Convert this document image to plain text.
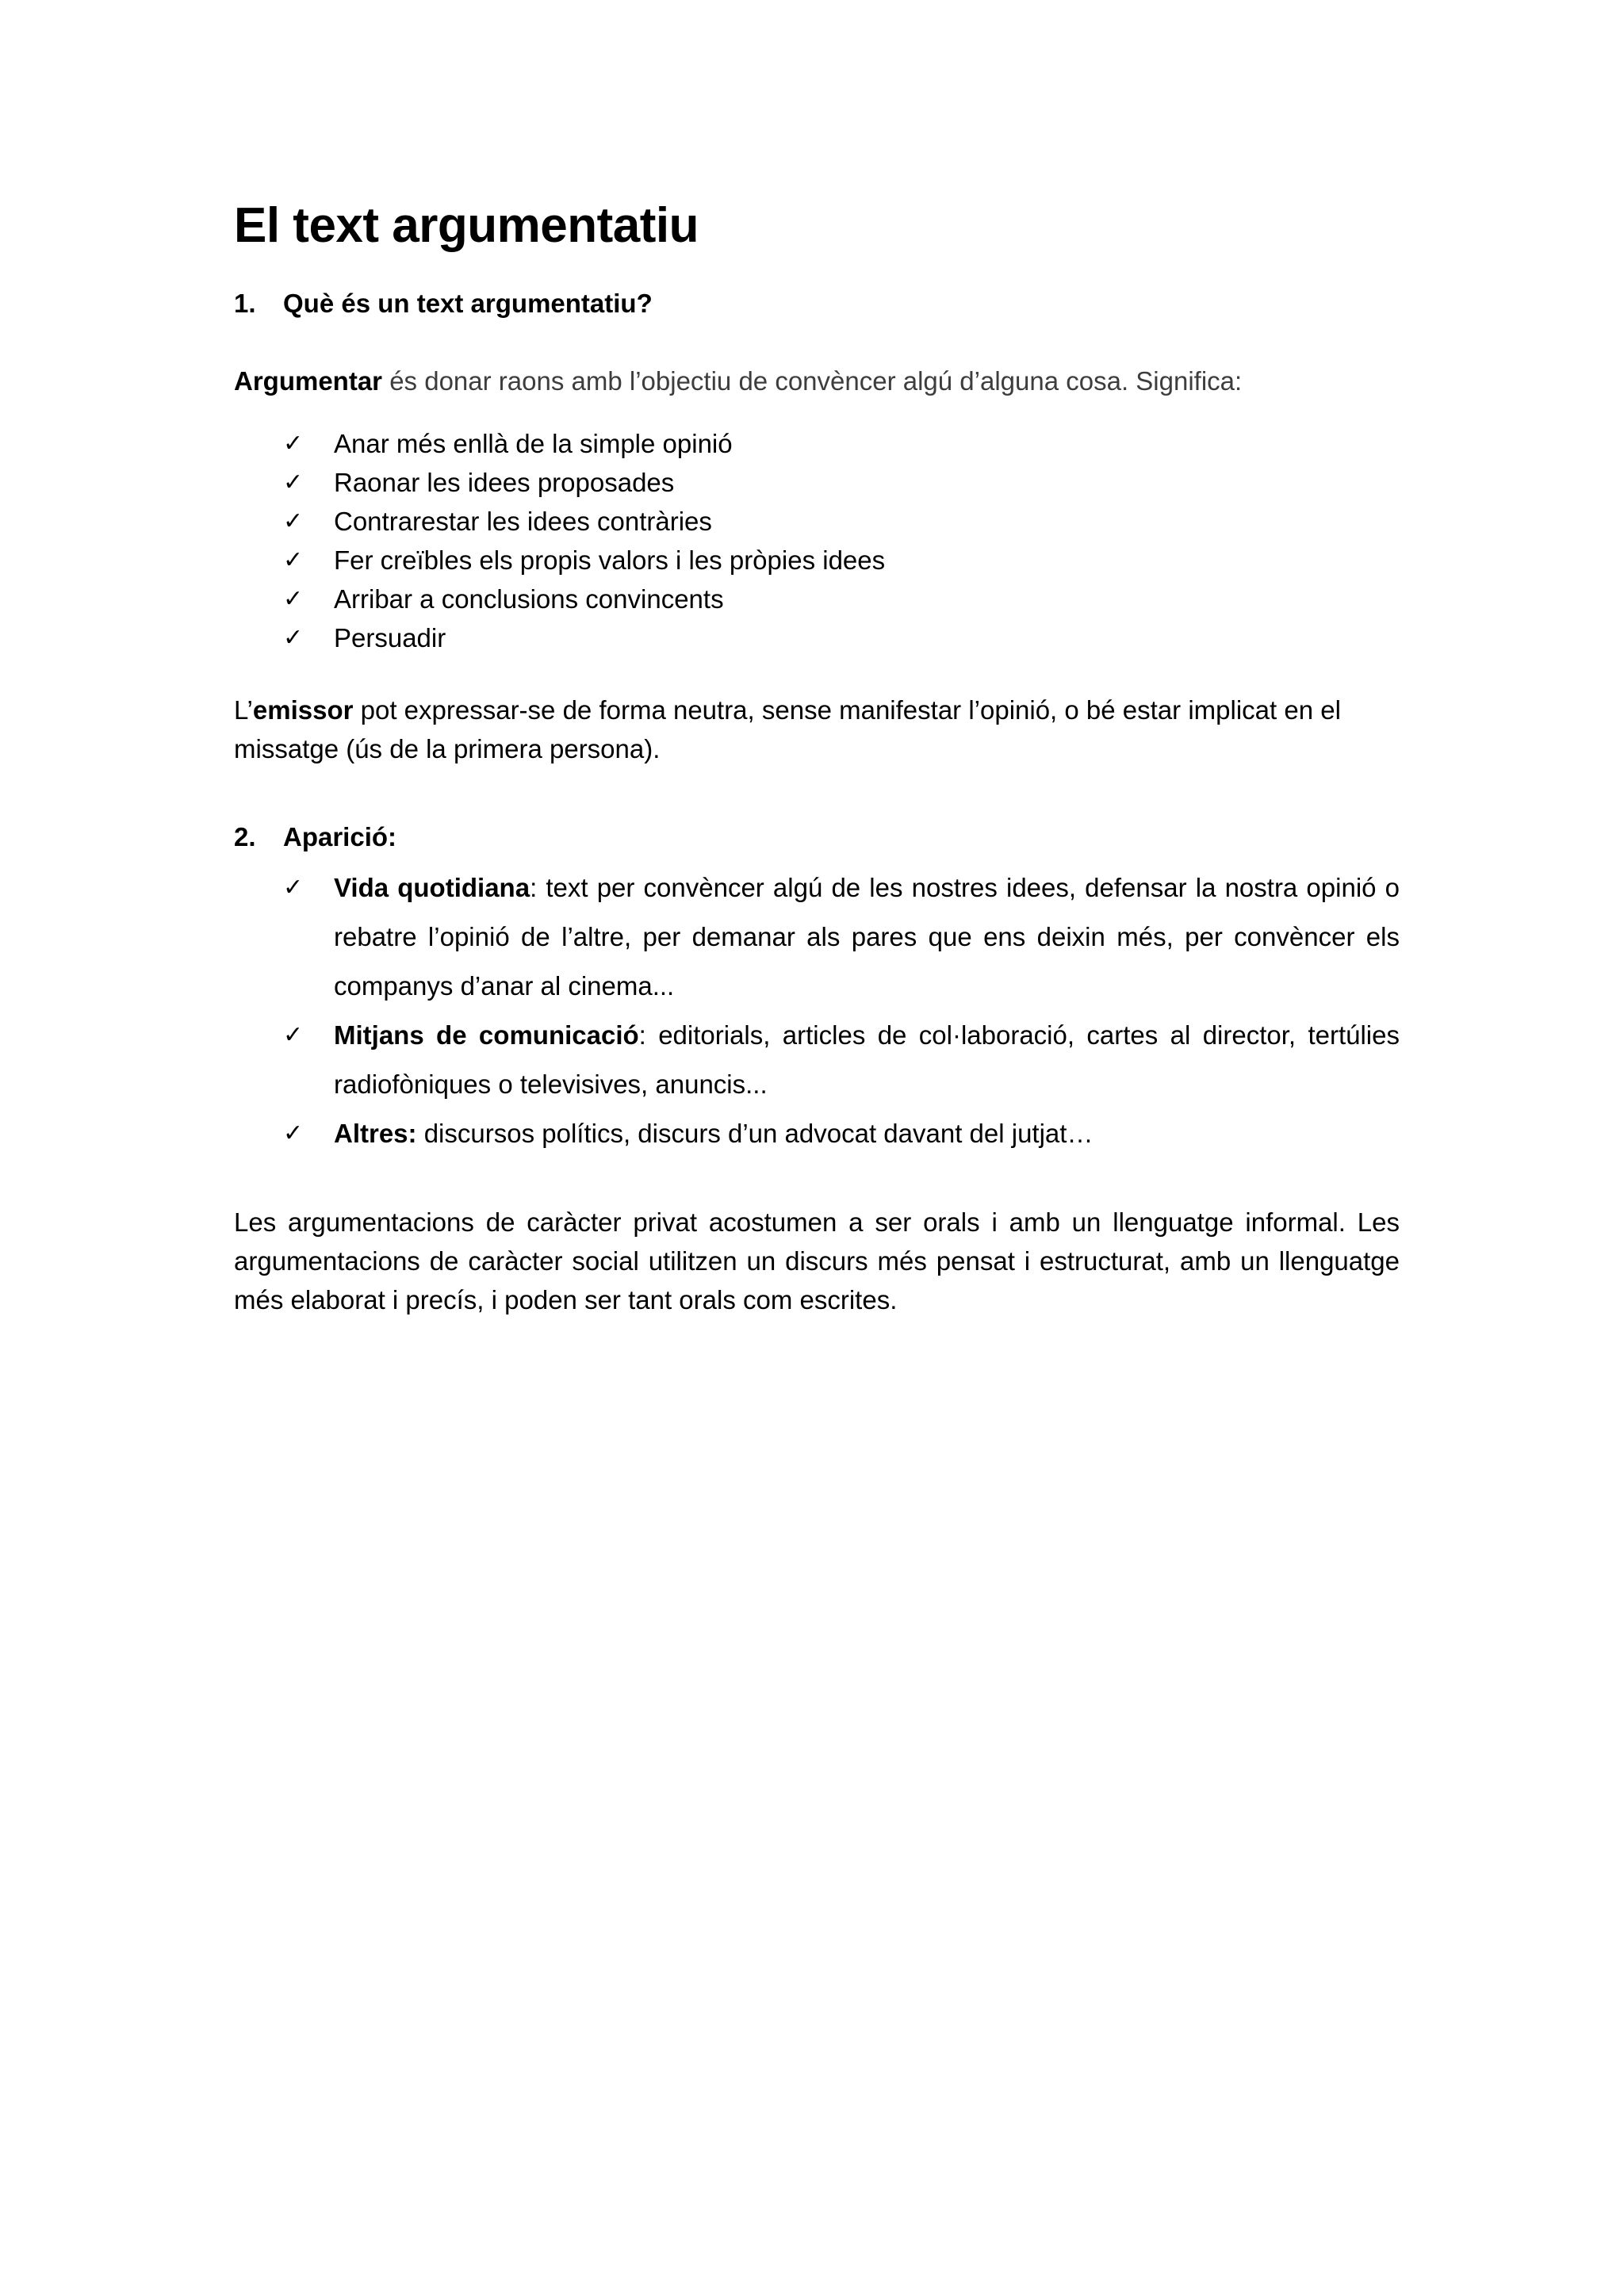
El text argumentatiu
1.	Què és un text argumentatiu?

Argumentar és donar raons amb l’objectiu de convèncer algú d’alguna cosa. Significa:

✓	Anar més enllà de la simple opinió
✓	Raonar les idees proposades
✓	Contrarestar les idees contràries
✓	Fer creïbles els propis valors i les pròpies idees
✓	Arribar a conclusions convincents
✓	Persuadir

L’emissor pot expressar-se de forma neutra, sense manifestar l’opinió, o bé estar implicat en el missatge (ús de la primera persona).

2.	Aparició:
✓	Vida quotidiana: text per convèncer algú de les nostres idees, defensar la nostra opinió o rebatre l’opinió de l’altre, per demanar als pares que ens deixin més, per convèncer els companys d’anar al cinema...
✓	Mitjans de comunicació: editorials, articles de col·laboració, cartes al director, tertúlies radiofòniques o televisives, anuncis...
✓	Altres: discursos polítics, discurs d’un advocat davant del jutjat…

Les argumentacions de caràcter privat acostumen a ser orals i amb un llenguatge informal. Les argumentacions de caràcter social utilitzen un discurs més pensat i estructurat, amb un llenguatge més elaborat i precís, i poden ser tant orals com escrites.
